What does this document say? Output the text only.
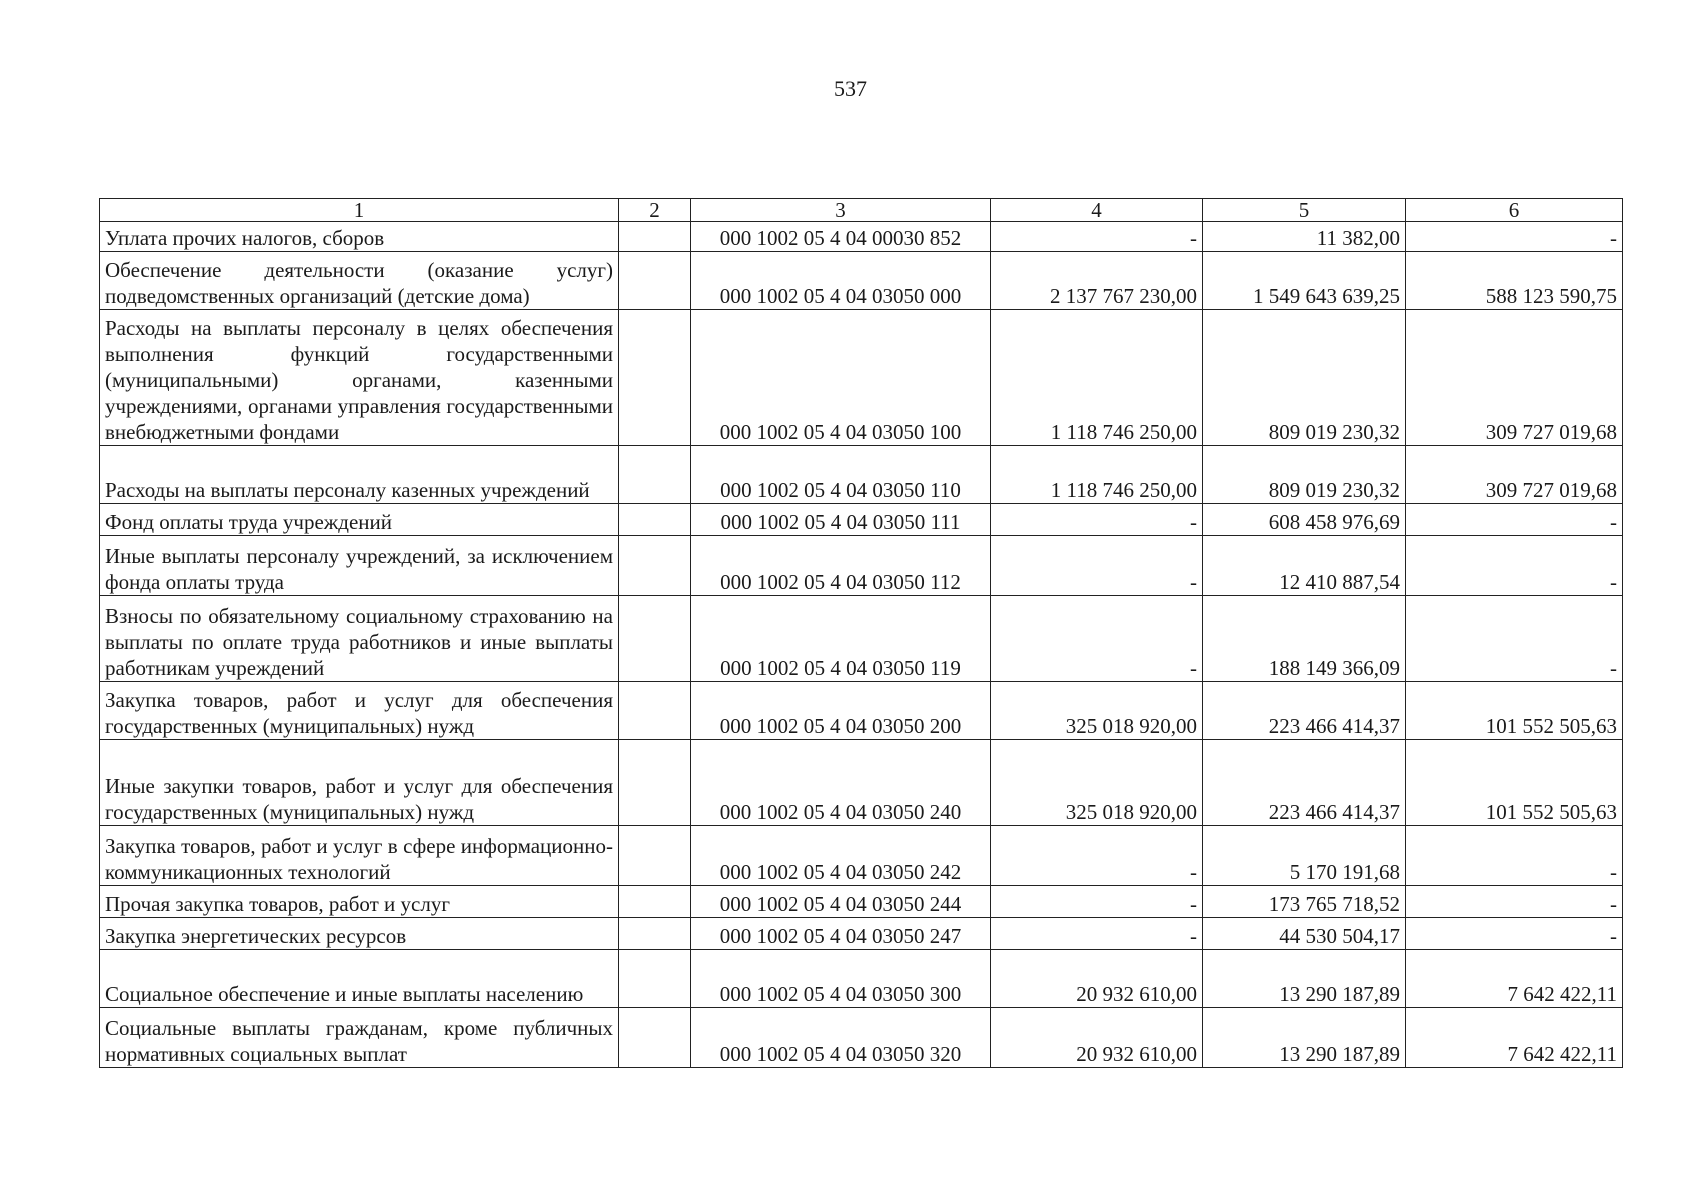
537
1	2	3	4	5	6
Уплата прочих налогов, сборов		000 1002 05 4 04 00030 852	-	11 382,00	-
Обеспечение деятельности (оказание услуг) подведомственных организаций (детские дома)		000 1002 05 4 04 03050 000	2 137 767 230,00	1 549 643 639,25	588 123 590,75
Расходы на выплаты персоналу в целях обеспечения выполнения функций государственными (муниципальными) органами, казенными учреждениями, органами управления государственными внебюджетными фондами		000 1002 05 4 04 03050 100	1 118 746 250,00	809 019 230,32	309 727 019,68
Расходы на выплаты персоналу казенных учреждений		000 1002 05 4 04 03050 110	1 118 746 250,00	809 019 230,32	309 727 019,68
Фонд оплаты труда учреждений		000 1002 05 4 04 03050 111	-	608 458 976,69	-
Иные выплаты персоналу учреждений, за исключением фонда оплаты труда		000 1002 05 4 04 03050 112	-	12 410 887,54	-
Взносы по обязательному социальному страхованию на выплаты по оплате труда работников и иные выплаты работникам учреждений		000 1002 05 4 04 03050 119	-	188 149 366,09	-
Закупка товаров, работ и услуг для обеспечения государственных (муниципальных) нужд		000 1002 05 4 04 03050 200	325 018 920,00	223 466 414,37	101 552 505,63
Иные закупки товаров, работ и услуг для обеспечения государственных (муниципальных) нужд		000 1002 05 4 04 03050 240	325 018 920,00	223 466 414,37	101 552 505,63
Закупка товаров, работ и услуг в сфере информационно-коммуникационных технологий		000 1002 05 4 04 03050 242	-	5 170 191,68	-
Прочая закупка товаров, работ и услуг		000 1002 05 4 04 03050 244	-	173 765 718,52	-
Закупка энергетических ресурсов		000 1002 05 4 04 03050 247	-	44 530 504,17	-
Социальное обеспечение и иные выплаты населению		000 1002 05 4 04 03050 300	20 932 610,00	13 290 187,89	7 642 422,11
Социальные выплаты гражданам, кроме публичных нормативных социальных выплат		000 1002 05 4 04 03050 320	20 932 610,00	13 290 187,89	7 642 422,11
